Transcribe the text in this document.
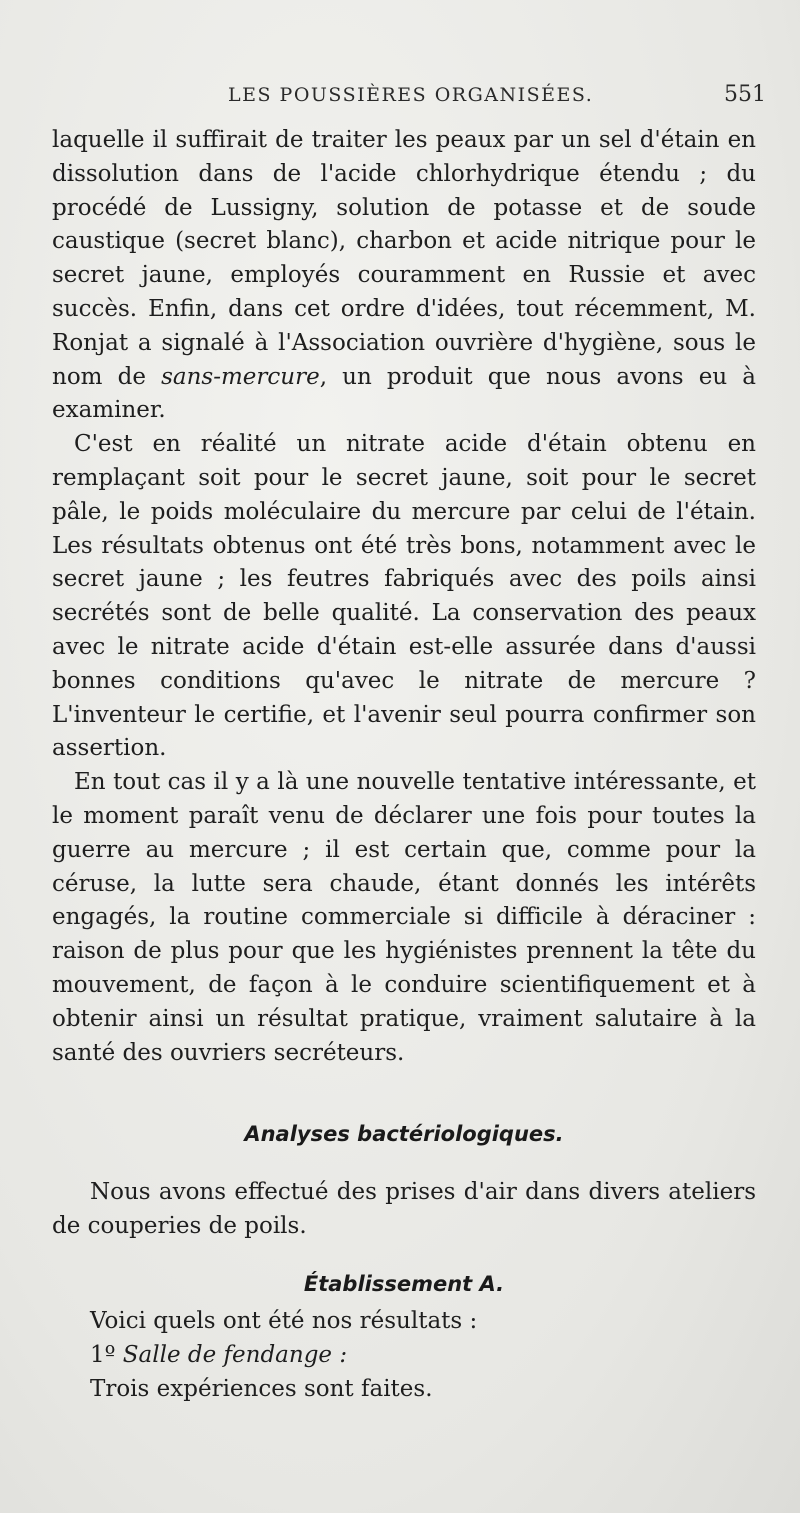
LES POUSSIÈRES ORGANISÉES.	551

laquelle il suffirait de traiter les peaux par un sel d'étain en dissolution dans de l'acide chlorhydrique étendu ; du procédé de Lussigny, solution de potasse et de soude caustique (secret blanc), charbon et acide nitrique pour le secret jaune, employés couramment en Russie et avec succès. Enfin, dans cet ordre d'idées, tout récemment, M. Ronjat a signalé à l'Association ouvrière d'hygiène, sous le nom de sans-mercure, un produit que nous avons eu à examiner.

C'est en réalité un nitrate acide d'étain obtenu en remplaçant soit pour le secret jaune, soit pour le secret pâle, le poids moléculaire du mercure par celui de l'étain. Les résultats obtenus ont été très bons, notamment avec le secret jaune ; les feutres fabriqués avec des poils ainsi secrétés sont de belle qualité. La conservation des peaux avec le nitrate acide d'étain est-elle assurée dans d'aussi bonnes conditions qu'avec le nitrate de mercure ? L'inventeur le certifie, et l'avenir seul pourra confirmer son assertion.

En tout cas il y a là une nouvelle tentative intéressante, et le moment paraît venu de déclarer une fois pour toutes la guerre au mercure ; il est certain que, comme pour la céruse, la lutte sera chaude, étant donnés les intérêts engagés, la routine commerciale si difficile à déraciner : raison de plus pour que les hygiénistes prennent la tête du mouvement, de façon à le conduire scientifiquement et à obtenir ainsi un résultat pratique, vraiment salutaire à la santé des ouvriers secréteurs.

Analyses bactériologiques.

Nous avons effectué des prises d'air dans divers ateliers de couperies de poils.

Établissement A.

Voici quels ont été nos résultats :

1º Salle de fendange :

Trois expériences sont faites.
